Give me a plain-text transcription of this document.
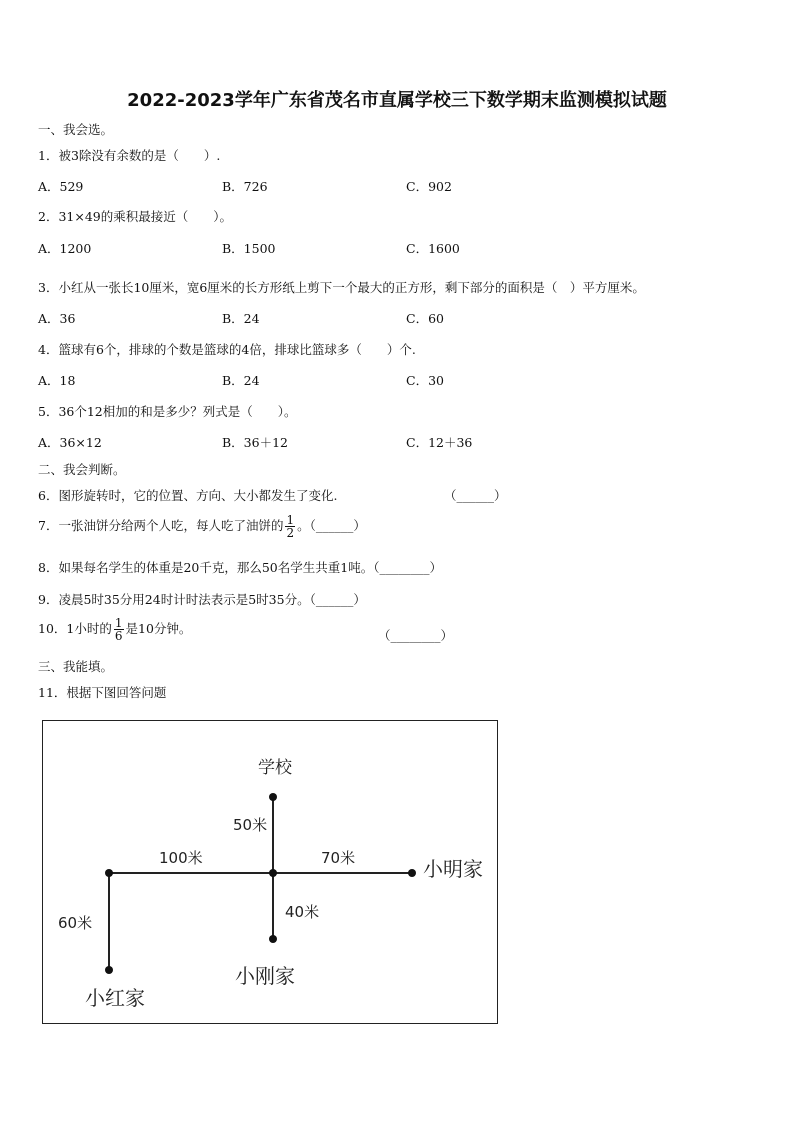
2022-2023学年广东省茂名市直属学校三下数学期末监测模拟试题
一、我会选。
1．被3除没有余数的是（　　）.
A．529	B．726	C．902
2．31×49的乘积最接近（　　）。
A．1200	B．1500	C．1600
3．小红从一张长10厘米，宽6厘米的长方形纸上剪下一个最大的正方形，剩下部分的面积是（　）平方厘米。
A．36	B．24	C．60
4．篮球有6个，排球的个数是篮球的4倍，排球比篮球多（　　）个.
A．18	B．24	C．30
5．36个12相加的和是多少？列式是（　　）。
A．36×12	B．36＋12	C．12＋36
二、我会判断。
6．图形旋转时，它的位置、方向、大小都发生了变化.	（______）
7．一张油饼分给两个人吃，每人吃了油饼的 $\frac{1}{2}$ 。（______）
8．如果每名学生的体重是20千克，那么50名学生共重1吨。（________）
9．凌晨5时35分用24时计时法表示是5时35分。（______）
10．1小时的 $\frac{1}{6}$ 是10分钟。	（________）
三、我能填。
11．根据下图回答问题
学校
小明家
小红家
小刚家
50米
100米	70米
60米
40米
